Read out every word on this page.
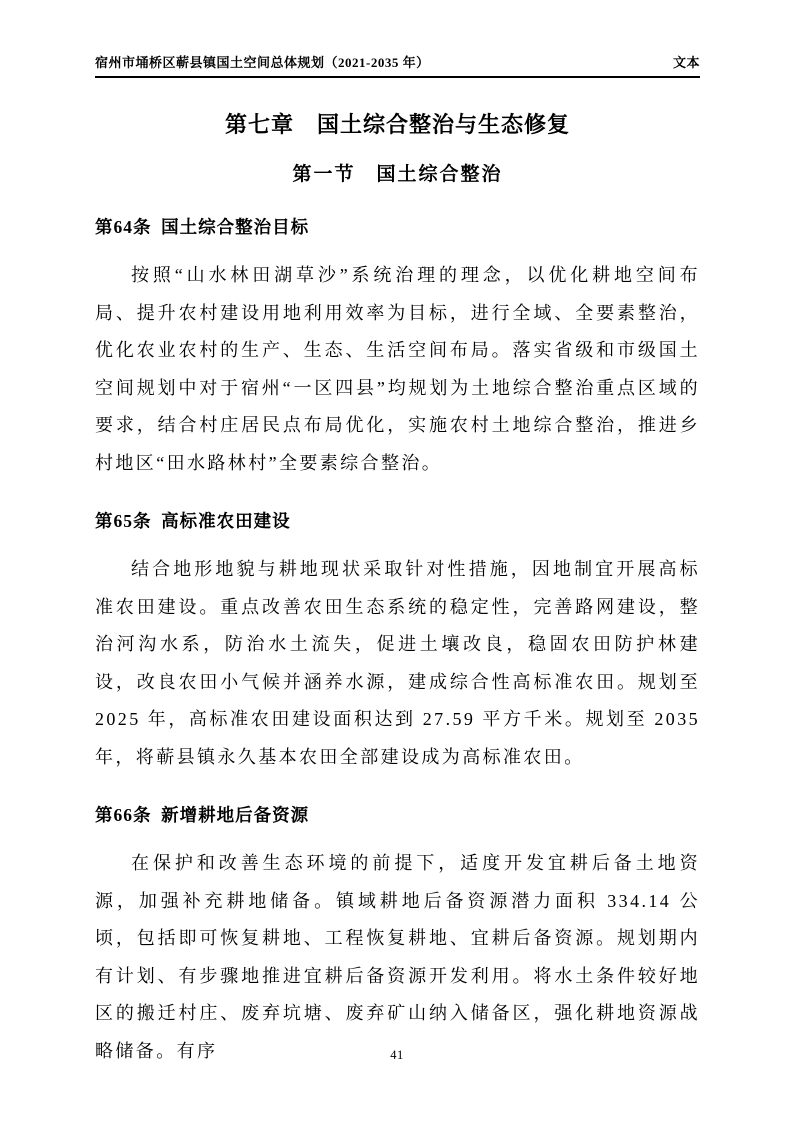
宿州市埇桥区蕲县镇国土空间总体规划（2021-2035 年）	文本
第七章　国土综合整治与生态修复
第一节　国土综合整治
第64条 国土综合整治目标

按照“山水林田湖草沙”系统治理的理念，以优化耕地空间布局、提升农村建设用地利用效率为目标，进行全域、全要素整治，优化农业农村的生产、生态、生活空间布局。落实省级和市级国土空间规划中对于宿州“一区四县”均规划为土地综合整治重点区域的要求，结合村庄居民点布局优化，实施农村土地综合整治，推进乡村地区“田水路林村”全要素综合整治。

第65条 高标准农田建设

结合地形地貌与耕地现状采取针对性措施，因地制宜开展高标准农田建设。重点改善农田生态系统的稳定性，完善路网建设，整治河沟水系，防治水土流失，促进土壤改良，稳固农田防护林建设，改良农田小气候并涵养水源，建成综合性高标准农田。规划至 2025 年，高标准农田建设面积达到 27.59 平方千米。规划至 2035 年，将蕲县镇永久基本农田全部建设成为高标准农田。

第66条 新增耕地后备资源

在保护和改善生态环境的前提下，适度开发宜耕后备土地资源，加强补充耕地储备。镇域耕地后备资源潜力面积 334.14 公顷，包括即可恢复耕地、工程恢复耕地、宜耕后备资源。规划期内有计划、有步骤地推进宜耕后备资源开发利用。将水土条件较好地区的搬迁村庄、废弃坑塘、废弃矿山纳入储备区，强化耕地资源战略储备。有序	41
